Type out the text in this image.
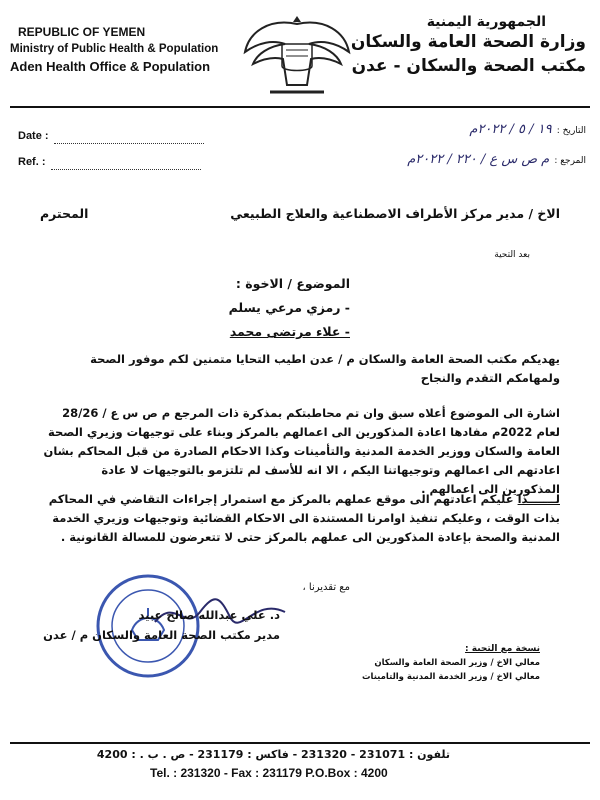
REPUBLIC OF YEMEN
Ministry of Public Health & Population
Aden Health Office & Population
الجمهورية اليمنية
وزارة الصحة العامة والسكان
مكتب الصحة والسكان - عدن
Date :
Ref. :
التاريخ : ١٩ / ٥ / ٢٠٢٢م
المرجع : م ص س ع / ٢٢٠ / ٢٠٢٢م
الاخ / مدير مركز الأطراف الاصطناعية والعلاج الطبيعي
المحترم
بعد التحية
الموضوع / الاخوة :
- رمزي مرعي يسلم
- علاء مرتضى محمد
يهديكم مكتب الصحة العامة والسكان م / عدن اطيب التحايا متمنين لكم موفور الصحة ولمهامكم التقدم والنجاح
اشارة الى الموضوع أعلاه سبق وان تم محاطبتكم بمذكرة ذات المرجع م ص س ع / 28/26 لعام 2022م مفادها اعادة المذكورين الى اعمالهم بالمركز وبناء على توجيهات وزيري الصحة العامة والسكان ووزير الخدمة المدنية والتأمينات وكذا الاحكام الصادرة من قبل المحاكم بشان اعادتهم الى اعمالهم وتوجيهاتنا اليكم ، الا انه للأسف لم تلتزمو بالتوجيهات لا عادة المذكورين الى اعمالهم .
لـــــــذا عليكم اعادتهم الى موقع عملهم بالمركز مع استمرار إجراءات التقاضي في المحاكم بذات الوقت ، وعليكم تنفيذ اوامرنا المستندة الى الاحكام القضائية وتوجيهات وزيري الخدمة المدنية والصحة بإعادة المذكورين الى عملهم بالمركز حتى لا تتعرضون للمسالة القانونية .
مع تقديرنا ،
د. علي عبدالله صالح عبيد
مدير مكتب الصحة العامة والسكان م / عدن
نسخة مع التحية :
معالي الاخ / وزير الصحة العامة والسكان
معالي الاخ / وزير الخدمة المدنية والتامينات
تلفون : 231071 - 231320 - فاكس : 231179 - ص . ب . : 4200
Tel. : 231320 - Fax : 231179 P.O.Box : 4200
